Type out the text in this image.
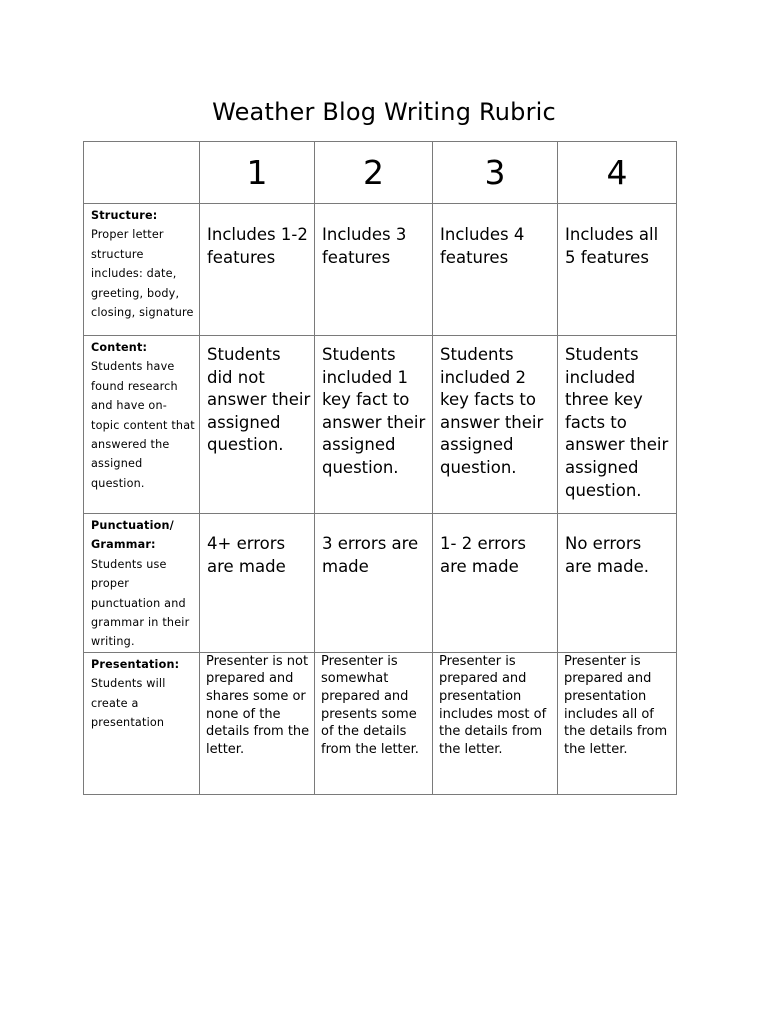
Weather Blog Writing Rubric

	1	2	3	4

Structure: Proper letter structure includes: date, greeting, body, closing, signature	Includes 1-2 features	Includes 3 features	Includes 4 features	Includes all 5 features

Content: Students have found research and have on-topic content that answered the assigned question.	Students did not answer their assigned question.	Students included 1 key fact to answer their assigned question.	Students included 2 key facts to answer their assigned question.	Students included three key facts to answer their assigned question.

Punctuation/ Grammar: Students use proper punctuation and grammar in their writing.	4+ errors are made	3 errors are made	1- 2 errors are made	No errors are made.

Presentation: Students will create a presentation	Presenter is not prepared and shares some or none of the details from the letter.	Presenter is somewhat prepared and presents some of the details from the letter.	Presenter is prepared and presentation includes most of the details from the letter.	Presenter is prepared and presentation includes all of the details from the letter.
